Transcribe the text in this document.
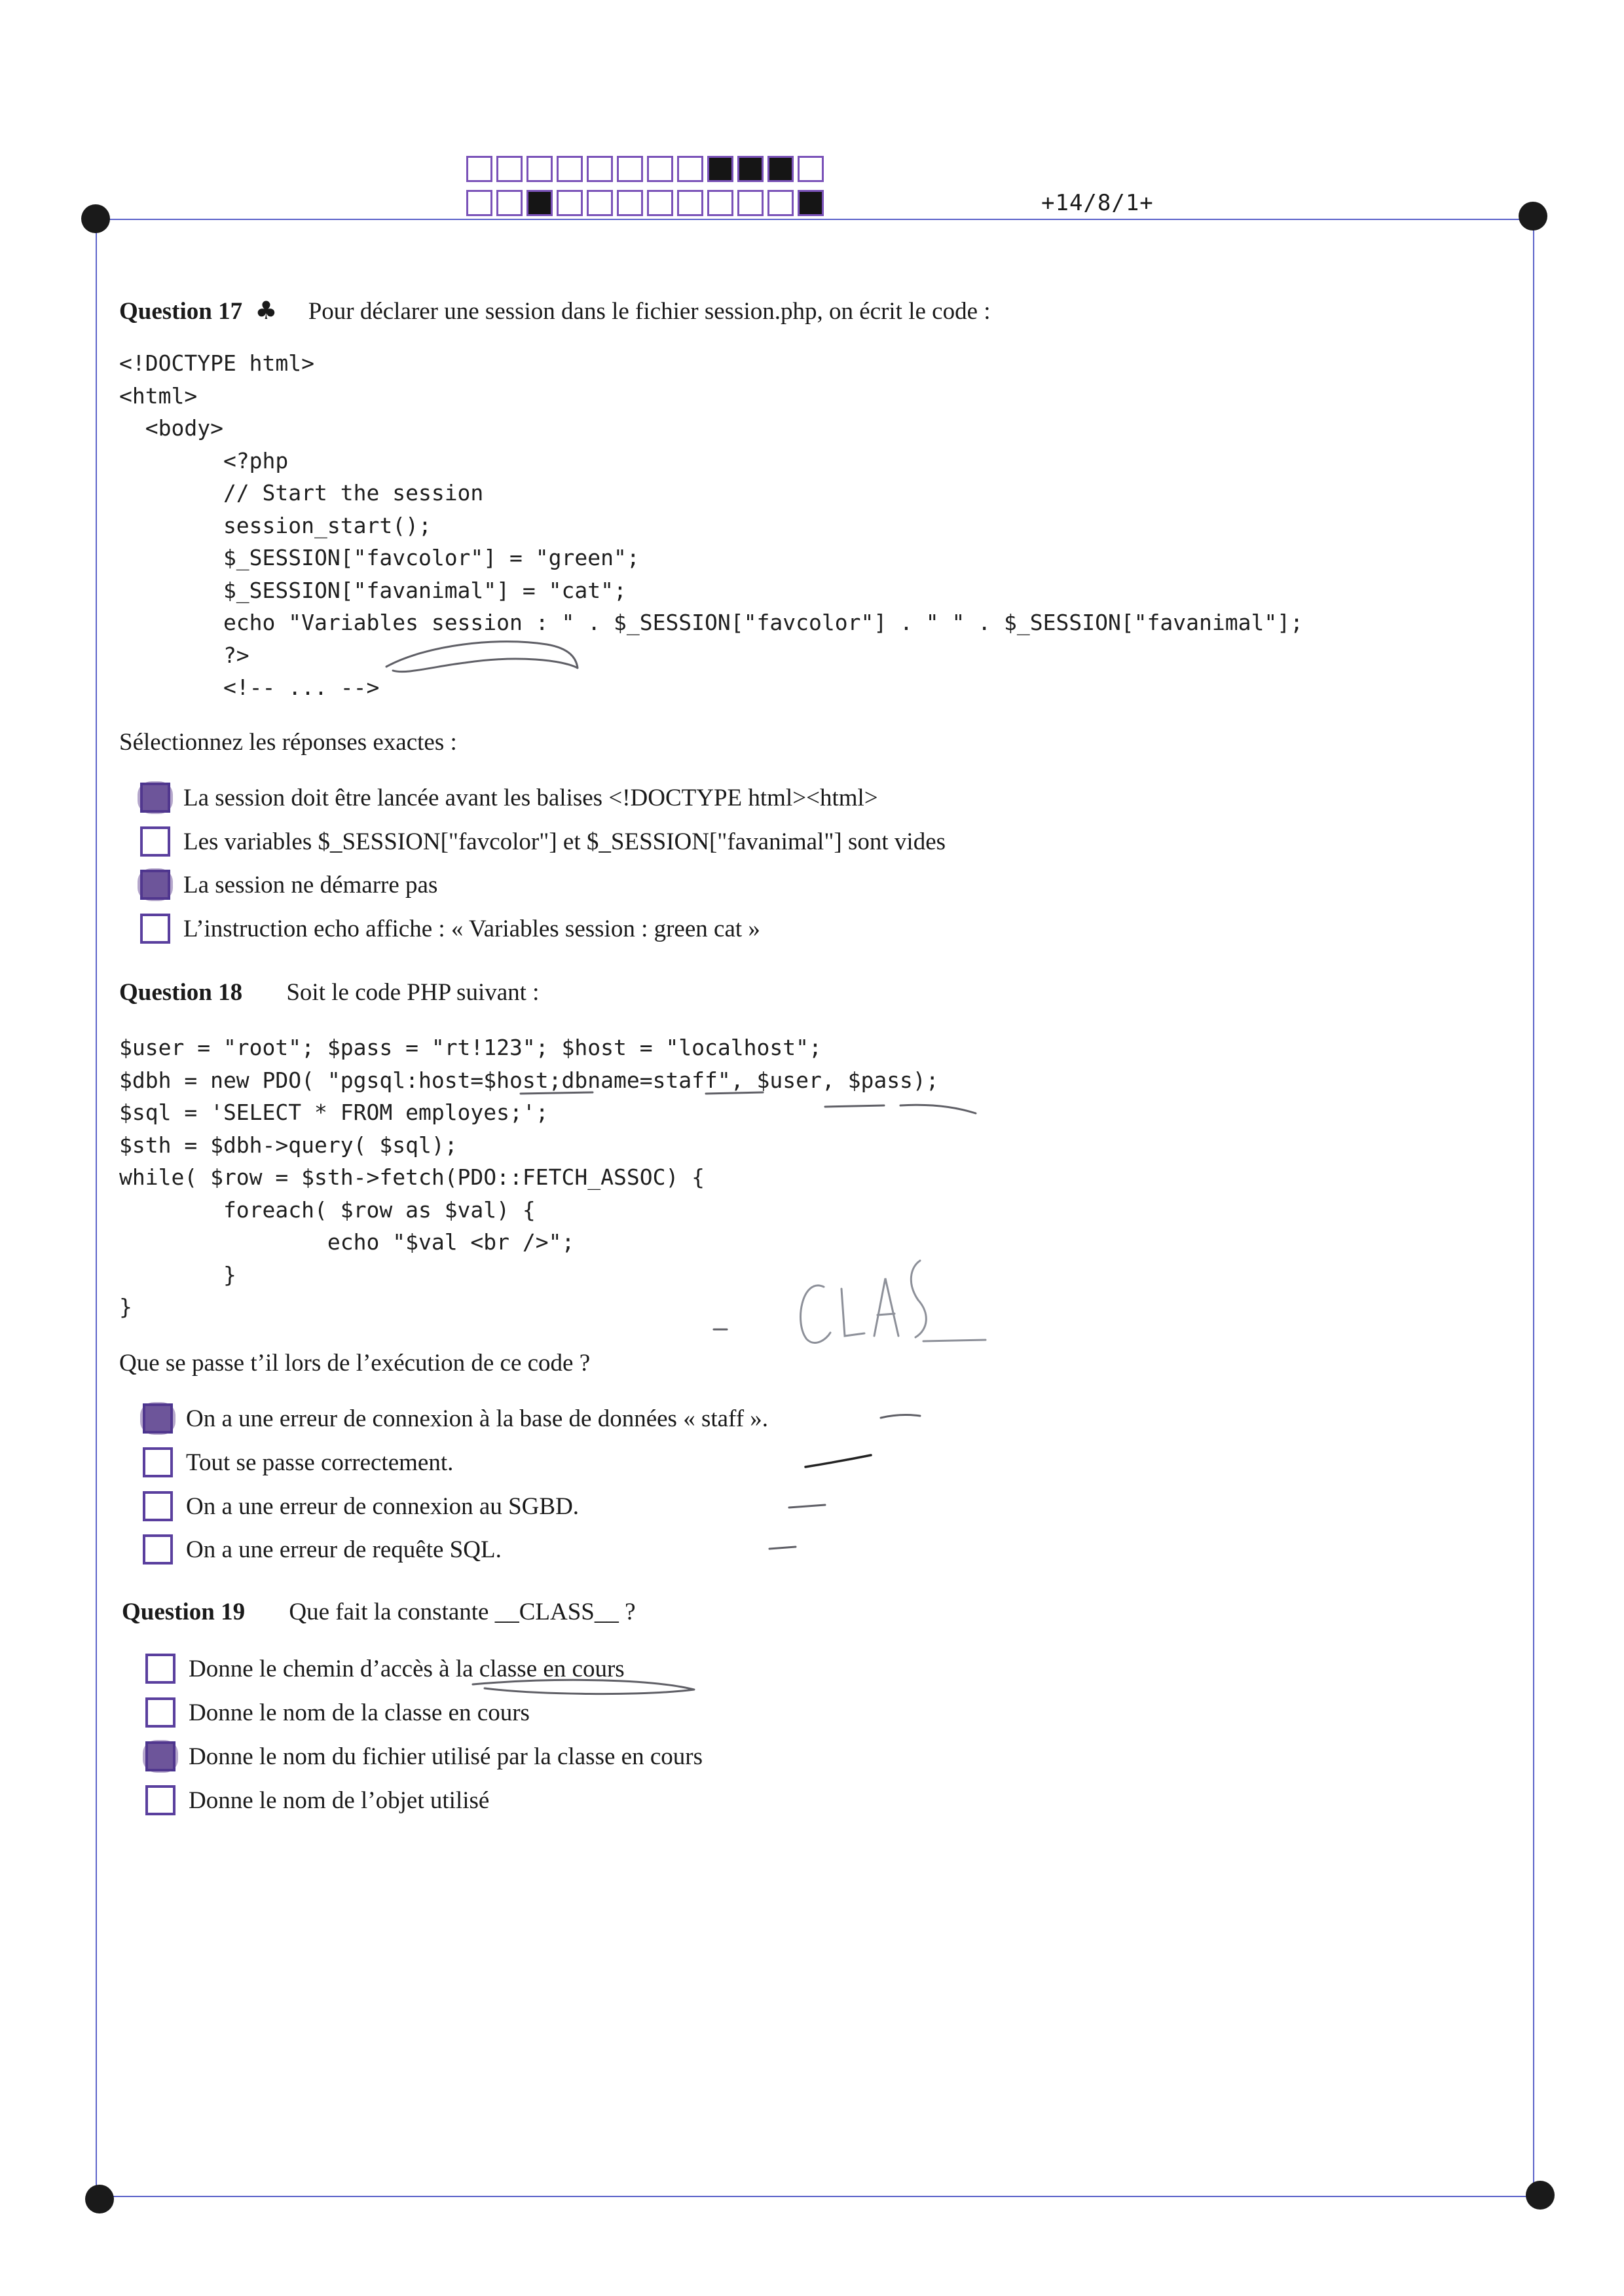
+14/8/1+
Question 17 ♣ Pour déclarer une session dans le fichier session.php, on écrit le code :
<!DOCTYPE html>
<html>
<body>
<?php
// Start the session
session_start();
$_SESSION["favcolor"] = "green";
$_SESSION["favanimal"] = "cat";
echo "Variables session : " . $_SESSION["favcolor"] . " " . $_SESSION["favanimal"];
?>
<!-- ... -->
Sélectionnez les réponses exactes :
La session doit être lancée avant les balises <!DOCTYPE html><html>
Les variables $_SESSION["favcolor"] et $_SESSION["favanimal"] sont vides
La session ne démarre pas
L’instruction echo affiche : « Variables session : green cat »
Question 18 Soit le code PHP suivant :
$user = "root"; $pass = "rt!123"; $host = "localhost";
$dbh = new PDO( "pgsql:host=$host;dbname=staff", $user, $pass);
$sql = 'SELECT * FROM employes;';
$sth = $dbh->query( $sql);
while( $row = $sth->fetch(PDO::FETCH_ASSOC) {
foreach( $row as $val) {
echo "$val <br />";
}
}
Que se passe t’il lors de l’exécution de ce code ?
On a une erreur de connexion à la base de données « staff ».
Tout se passe correctement.
On a une erreur de connexion au SGBD.
On a une erreur de requête SQL.
Question 19 Que fait la constante __CLASS__ ?
Donne le chemin d’accès à la classe en cours
Donne le nom de la classe en cours
Donne le nom du fichier utilisé par la classe en cours
Donne le nom de l’objet utilisé
CLAS
